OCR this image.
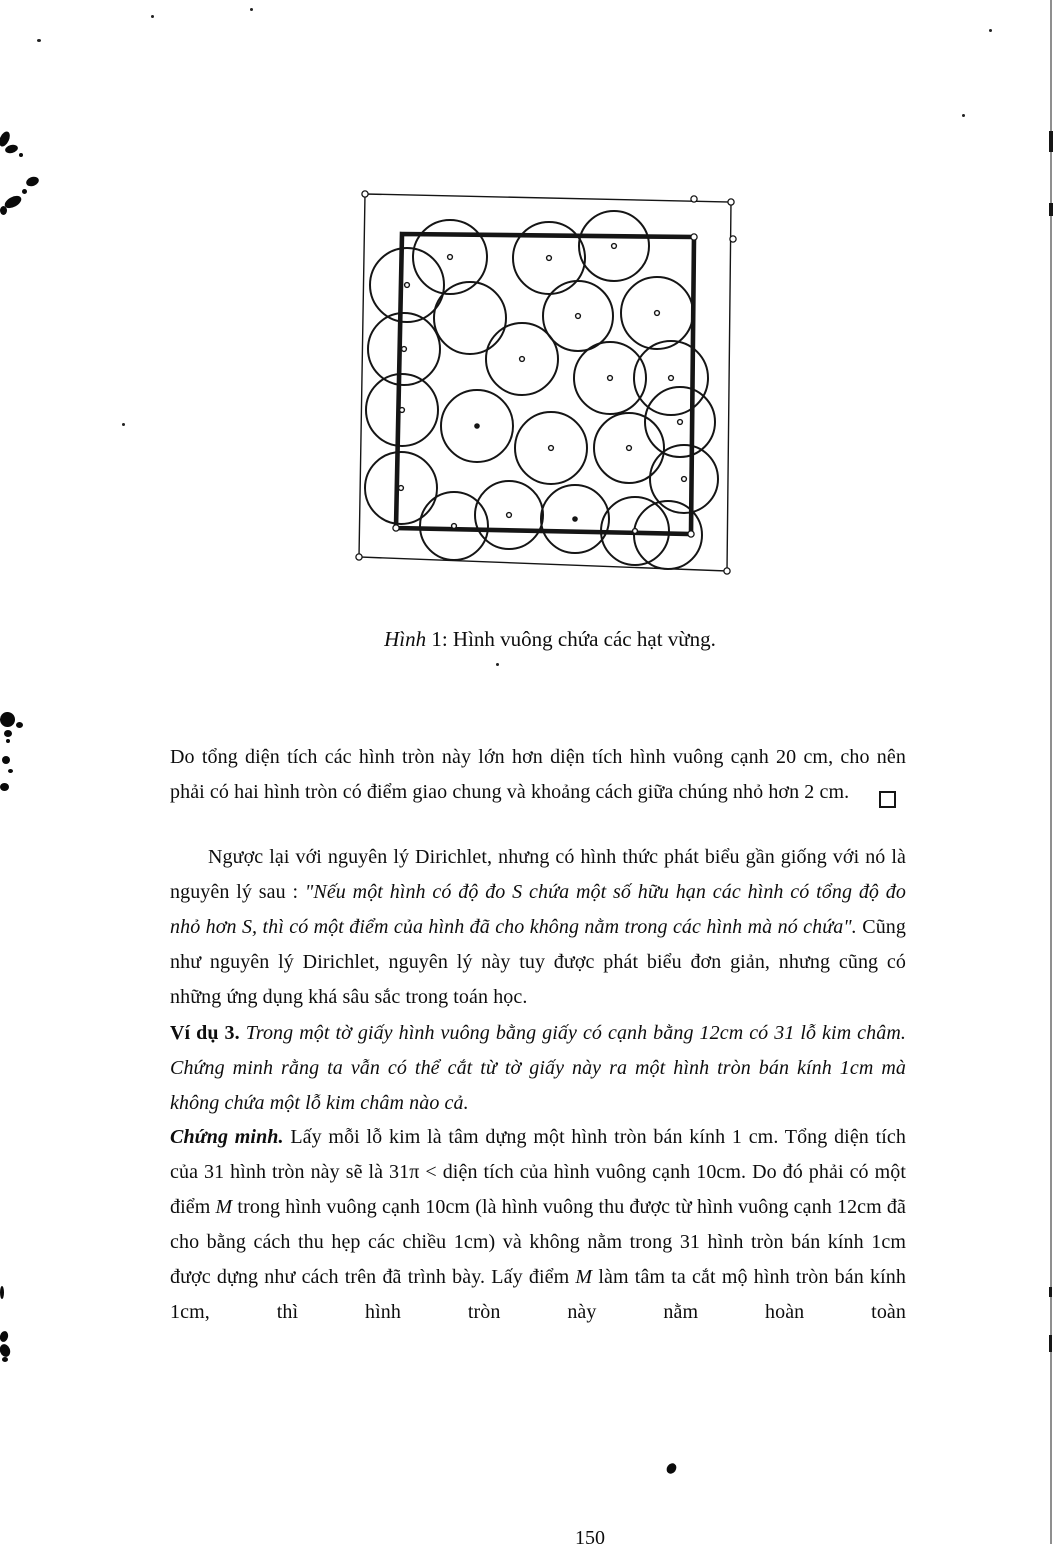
Hình 1: Hình vuông chứa các hạt vừng.

Do tổng diện tích các hình tròn này lớn hơn diện tích hình vuông cạnh 20 cm, cho nên phải có hai hình tròn có điểm giao chung và khoảng cách giữa chúng nhỏ hơn 2 cm.

Ngược lại với nguyên lý Dirichlet, nhưng có hình thức phát biểu gần giống với nó là nguyên lý sau : "Nếu một hình có độ đo S chứa một số hữu hạn các hình có tổng độ đo nhỏ hơn S, thì có một điểm của hình đã cho không nằm trong các hình mà nó chứa". Cũng như nguyên lý Dirichlet, nguyên lý này tuy được phát biểu đơn giản, nhưng cũng có những ứng dụng khá sâu sắc trong toán học.

Ví dụ 3. Trong một tờ giấy hình vuông bằng giấy có cạnh bằng 12cm có 31 lỗ kim châm. Chứng minh rằng ta vẫn có thể cắt từ tờ giấy này ra một hình tròn bán kính 1cm mà không chứa một lỗ kim châm nào cả.

Chứng minh. Lấy mỗi lỗ kim là tâm dựng một hình tròn bán kính 1 cm. Tổng diện tích của 31 hình tròn này sẽ là 31π < diện tích của hình vuông cạnh 10cm. Do đó phải có một điểm M trong hình vuông cạnh 10cm (là hình vuông thu được từ hình vuông cạnh 12cm đã cho bằng cách thu hẹp các chiều 1cm) và không nằm trong 31 hình tròn bán kính 1cm được dựng như cách trên đã trình bày. Lấy điểm M làm tâm ta cắt mộ hình tròn bán kính 1cm, thì hình tròn này nằm hoàn toàn

150
